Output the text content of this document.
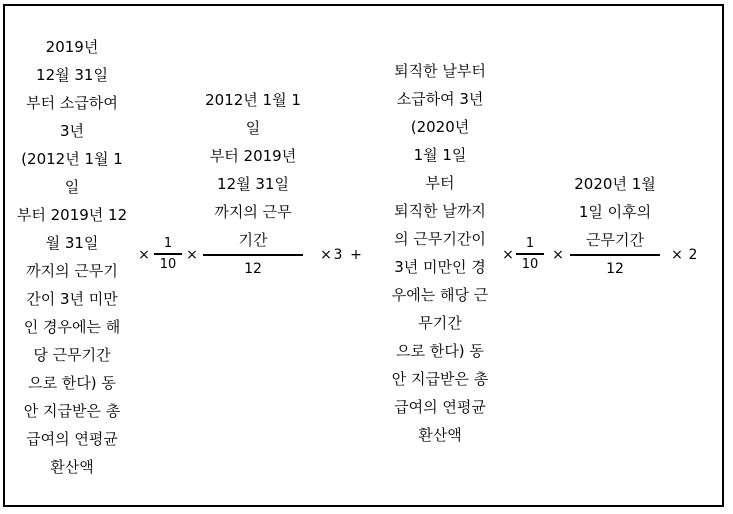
2019년
12월 31일
부터 소급하여
3년
(2012년 1월 1
일
부터 2019년 12
월 31일
까지의 근무기
간이 3년 미만
인 경우에는 해
당 근무기간
으로 한다) 동
안 지급받은 총
급여의 연평균
환산액
× $\frac{1}{10}$ ×
2012년 1월 1
일
부터 2019년
12월 31일
까지의 근무
기간
12
× 3 +
퇴직한 날부터
소급하여 3년
(2020년
1월 1일
부터
퇴직한 날까지
의 근무기간이
3년 미만인 경
우에는 해당 근
무기간
으로 한다) 동
안 지급받은 총
급여의 연평균
환산액
× $\frac{1}{10}$ ×
2020년 1월
1일 이후의
근무기간
12
× 2
